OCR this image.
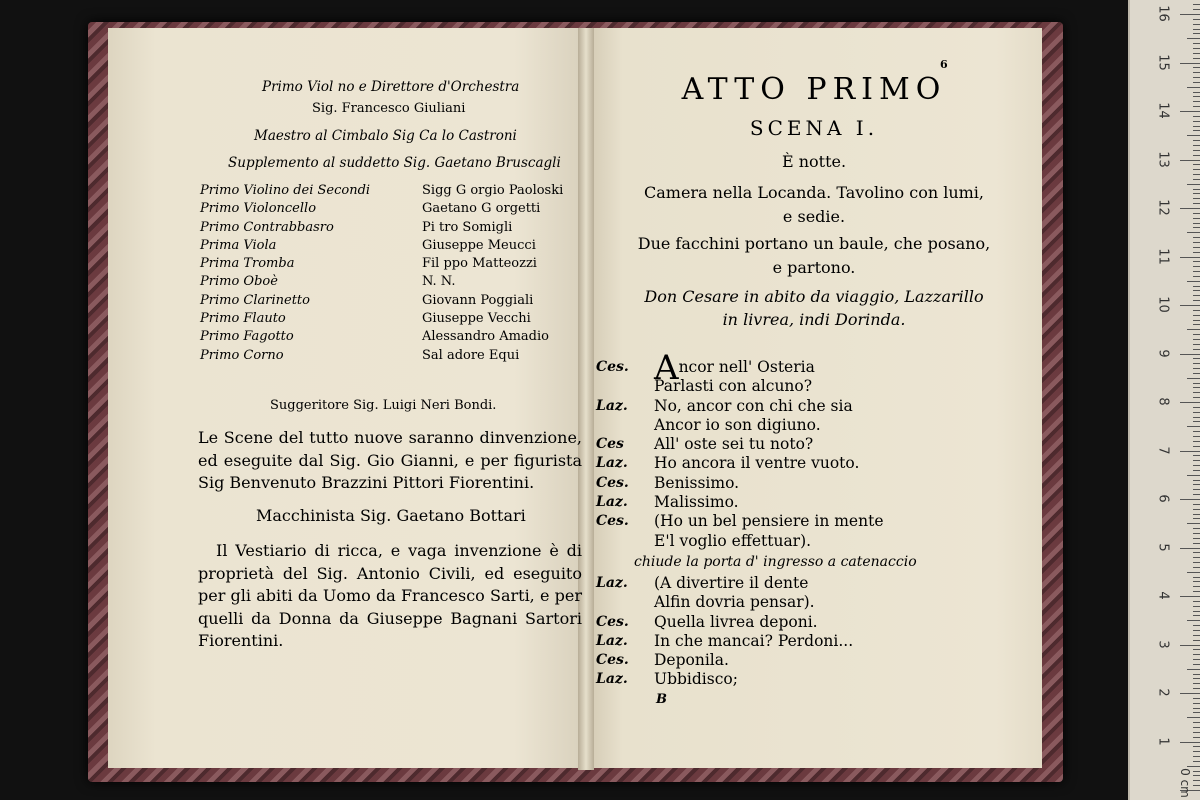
Primo Viol no e Direttore d'Orchestra
Sig. Francesco Giuliani
Maestro al Cimbalo Sig Ca lo Castroni
Supplemento al suddetto Sig. Gaetano Bruscagli
Primo Violino dei Secondi	Sigg G orgio Paoloski
Primo Violoncello	Gaetano G orgetti
Primo Contrabbasro	Pi tro Somigli
Prima Viola	Giuseppe Meucci
Prima Tromba	Fil ppo Matteozzi
Primo Oboè	N. N.
Primo Clarinetto	Giovann Poggiali
Primo Flauto	Giuseppe Vecchi
Primo Fagotto	Alessandro Amadio
Primo Corno	Sal adore Equi
Suggeritore Sig. Luigi Neri Bondi.

Le Scene del tutto nuove saranno dinvenzione, ed eseguite dal Sig. Gio Gianni, e per figurista Sig Benvenuto Brazzini Pittori Fiorentini.

Macchinista Sig. Gaetano Bottari

Il Vestiario di ricca, e vaga invenzione è di proprietà del Sig. Antonio Civili, ed eseguito per gli abiti da Uomo da Francesco Sarti, e per quelli da Donna da Giuseppe Bagnani Sartori Fiorentini.

6
ATTO PRIMO
SCENA I.
È notte.
Camera nella Locanda. Tavolino con lumi,
e sedie.
Due facchini portano un baule, che posano,
e partono.
Don Cesare in abito da viaggio, Lazzarillo
in livrea, indi Dorinda.
Ces. A ncor nell' Osteria
Parlasti con alcuno?
Laz.	No, ancor con chi che sia
Ancor io son digiuno.
Ces	All' oste sei tu noto?
Laz.	Ho ancora il ventre vuoto.
Ces.	Benissimo.
Laz.	Malissimo.
Ces.	(Ho un bel pensiere in mente
E'l voglio effettuar).
chiude la porta d' ingresso a catenaccio
Laz.	(A divertire il dente
Alfin dovria pensar).
Ces.	Quella livrea deponi.
Laz.	In che mancai? Perdoni...
Ces.	Deponila.
Laz.	Ubbidisco;
B
0 cm
1
2
3
4
5
6
7
8
9
10
11
12
13
14
15
16
